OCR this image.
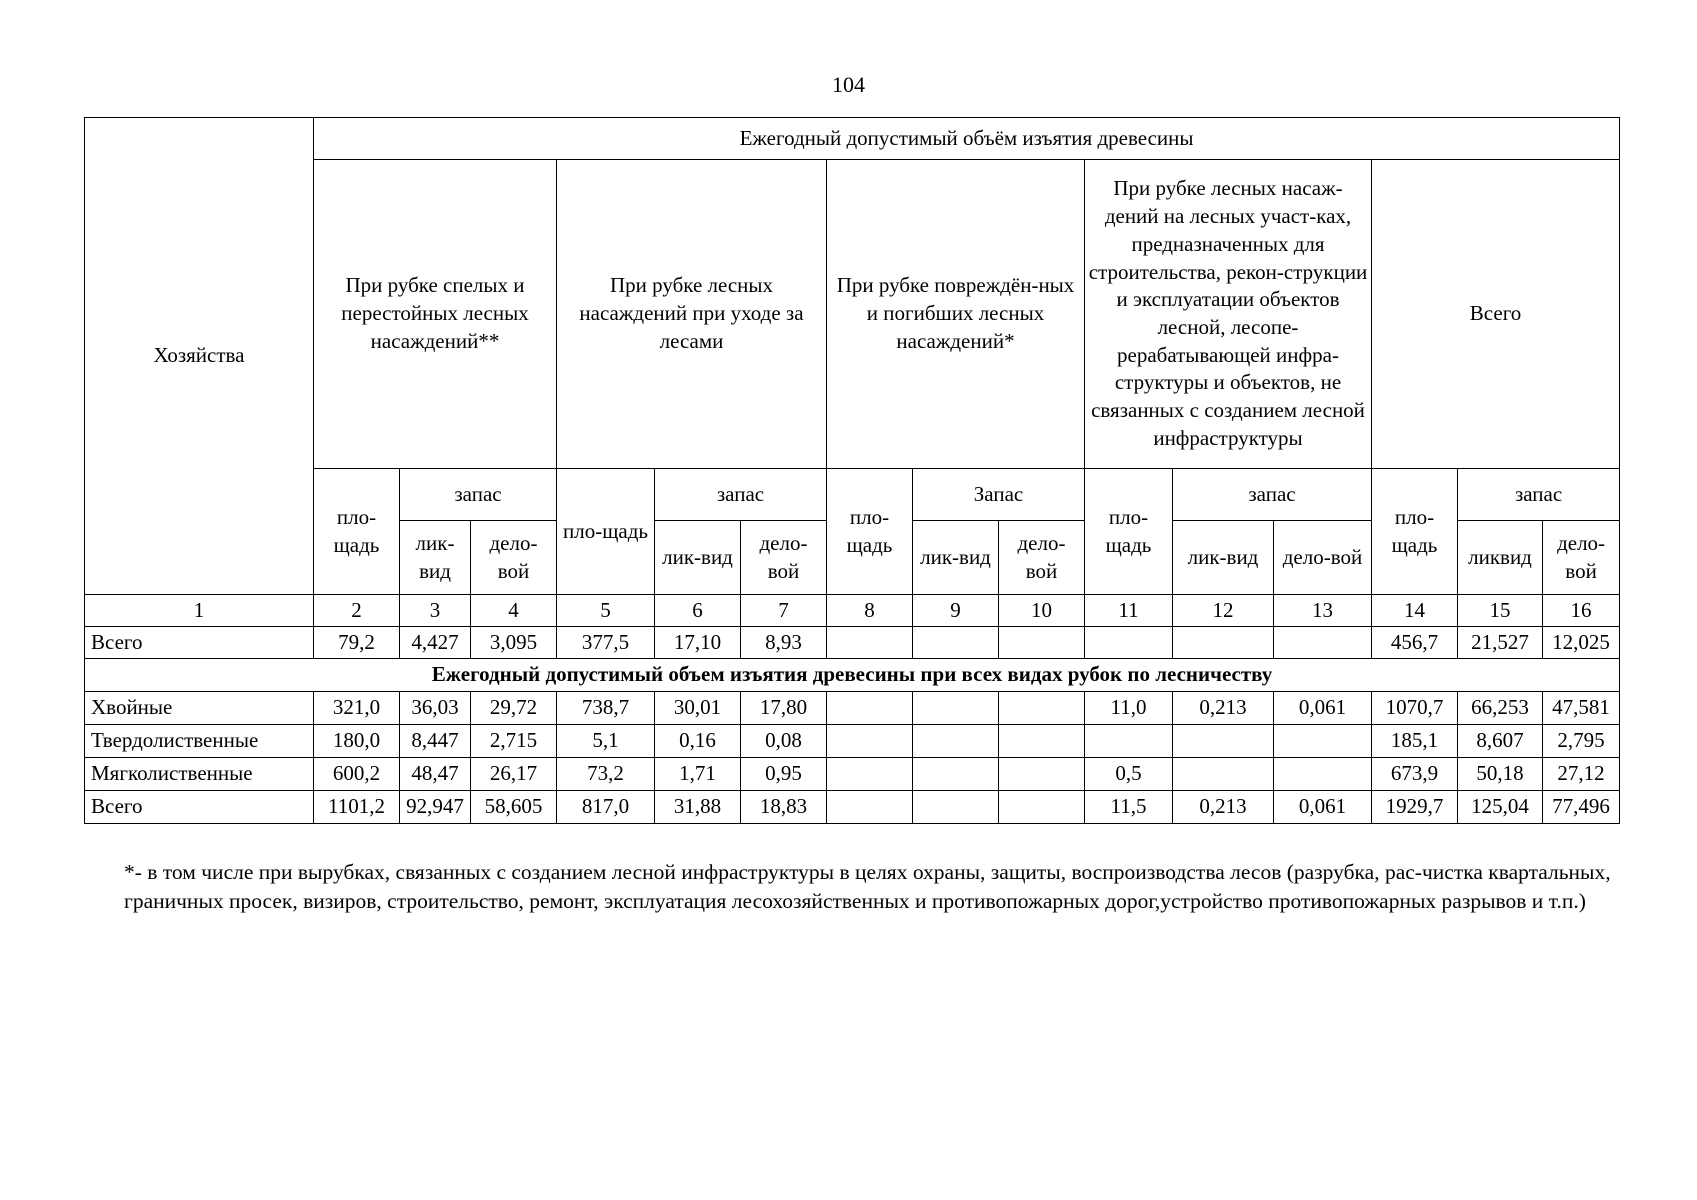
104
Хозяйства	Ежегодный допустимый объём изъятия древесины														
	При рубке спелых и перестойных лесных насаждений**			При рубке лесных насаждений при уходе за лесами			При рубке повреждён-ных и погибших лесных насаждений*			При рубке лесных насаж-дений на лесных участ-ках, предназначенных для строительства, рекон-струкции и эксплуатации объектов лесной, лесопе-рерабатывающей инфра-структуры и объектов, не связанных с созданием лесной инфраструктуры			Всего		
	пло-щадь	запас		пло-щадь	запас		пло-щадь	Запас		пло-щадь	запас		пло-щадь	запас	
		лик-вид	дело-вой		лик-вид	дело-вой		лик-вид	дело-вой		лик-вид	дело-вой		ликвид	дело-вой
1	2	3	4	5	6	7	8	9	10	11	12	13	14	15	16
Всего	79,2	4,427	3,095	377,5	17,10	8,93							456,7	21,527	12,025
Ежегодный допустимый объем изъятия древесины при всех видах рубок по лесничеству															
Хвойные	321,0	36,03	29,72	738,7	30,01	17,80				11,0	0,213	0,061	1070,7	66,253	47,581
Твердолиственные	180,0	8,447	2,715	5,1	0,16	0,08							185,1	8,607	2,795
Мягколиственные	600,2	48,47	26,17	73,2	1,71	0,95				0,5			673,9	50,18	27,12
Всего	1101,2	92,947	58,605	817,0	31,88	18,83				11,5	0,213	0,061	1929,7	125,04	77,496
*- в том числе при вырубках, связанных с созданием лесной инфраструктуры в целях охраны, защиты, воспроизводства лесов (разрубка, рас-чистка квартальных, граничных просек, визиров, строительство, ремонт, эксплуатация лесохозяйственных и противопожарных дорог,устройство противопожарных разрывов и т.п.)
